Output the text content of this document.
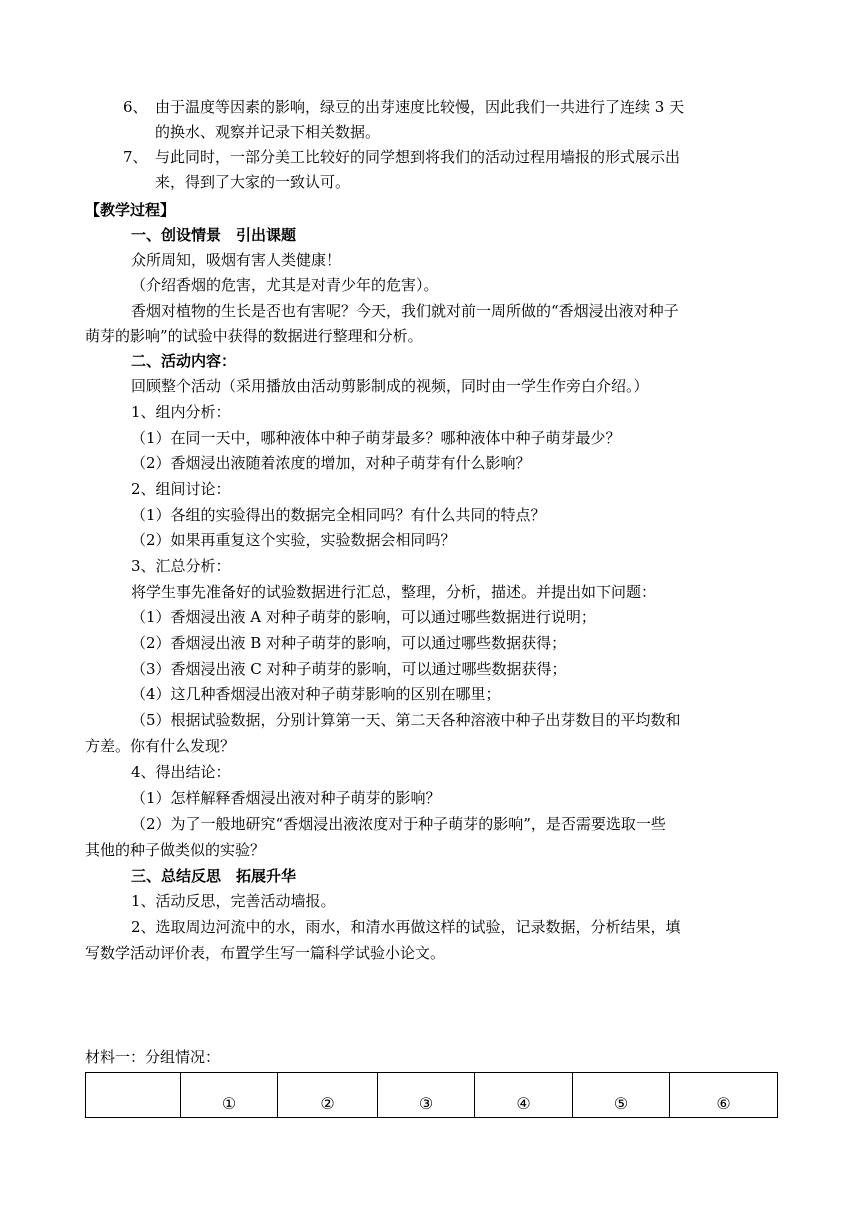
6、 由于温度等因素的影响，绿豆的出芽速度比较慢，因此我们一共进行了连续 3 天
的换水、观察并记录下相关数据。
7、 与此同时，一部分美工比较好的同学想到将我们的活动过程用墙报的形式展示出
来，得到了大家的一致认可。
【教学过程】
一、创设情景　引出课题
众所周知，吸烟有害人类健康！
（介绍香烟的危害，尤其是对青少年的危害）。
香烟对植物的生长是否也有害呢？今天，我们就对前一周所做的“香烟浸出液对种子
萌芽的影响”的试验中获得的数据进行整理和分析。
二、活动内容：
回顾整个活动（采用播放由活动剪影制成的视频，同时由一学生作旁白介绍。）
1、组内分析：
（1）在同一天中，哪种液体中种子萌芽最多？哪种液体中种子萌芽最少？
（2）香烟浸出液随着浓度的增加，对种子萌芽有什么影响？
2、组间讨论：
（1）各组的实验得出的数据完全相同吗？有什么共同的特点？
（2）如果再重复这个实验，实验数据会相同吗？
3、汇总分析：
将学生事先准备好的试验数据进行汇总，整理，分析，描述。并提出如下问题：
（1）香烟浸出液 A 对种子萌芽的影响，可以通过哪些数据进行说明；
（2）香烟浸出液 B 对种子萌芽的影响，可以通过哪些数据获得；
（3）香烟浸出液 C 对种子萌芽的影响，可以通过哪些数据获得；
（4）这几种香烟浸出液对种子萌芽影响的区别在哪里；
（5）根据试验数据，分别计算第一天、第二天各种溶液中种子出芽数目的平均数和
方差。你有什么发现？
4、得出结论：
（1）怎样解释香烟浸出液对种子萌芽的影响？
（2）为了一般地研究“香烟浸出液浓度对于种子萌芽的影响”，是否需要选取一些
其他的种子做类似的实验？
三、总结反思　拓展升华
1、活动反思，完善活动墙报。
2、选取周边河流中的水，雨水，和清水再做这样的试验，记录数据，分析结果，填
写数学活动评价表，布置学生写一篇科学试验小论文。
材料一：分组情况：
	①	②	③	④	⑤	⑥
